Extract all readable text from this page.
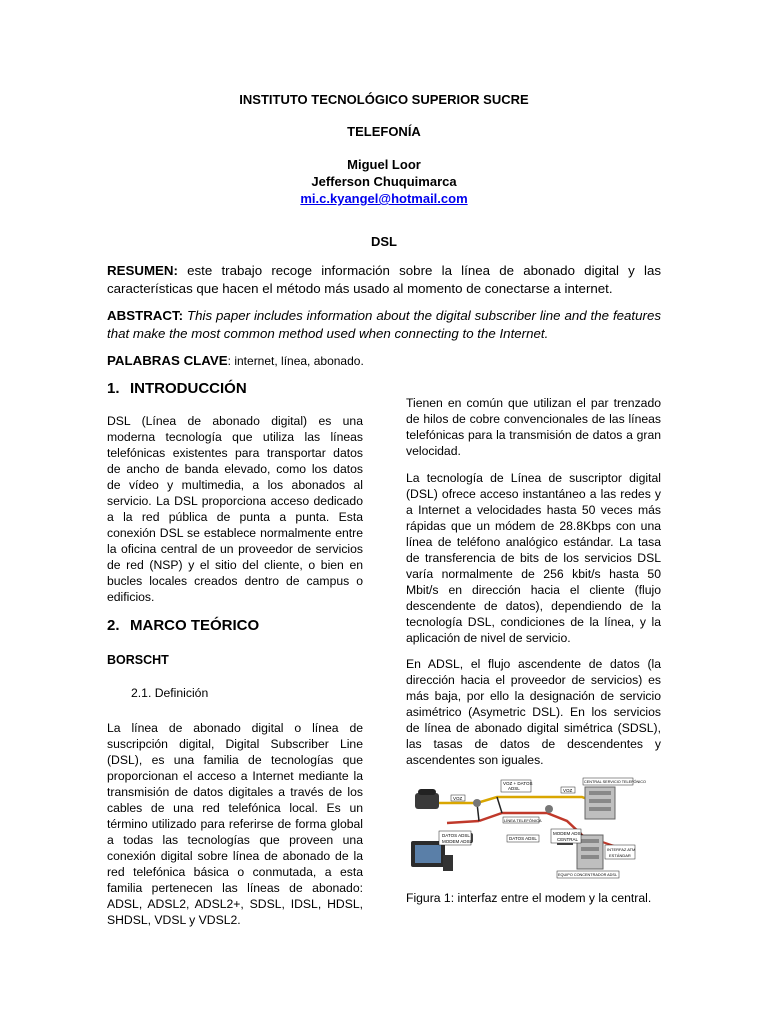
INSTITUTO TECNOLÓGICO SUPERIOR SUCRE
TELEFONÍA
Miguel Loor
Jefferson Chuquimarca
mi.c.kyangel@hotmail.com
DSL
RESUMEN: este trabajo recoge información sobre la línea de abonado digital y las características que hacen el método más usado al momento de conectarse a internet.
ABSTRACT: This paper includes information about the digital subscriber line and the features that make the most common method used when connecting to the Internet.
PALABRAS CLAVE: internet, línea, abonado.
1. INTRODUCCIÓN
DSL (Línea de abonado digital) es una moderna tecnología que utiliza las líneas telefónicas existentes para transportar datos de ancho de banda elevado, como los datos de vídeo y multimedia, a los abonados al servicio. La DSL proporciona acceso dedicado a la red pública de punta a punta. Esta conexión DSL se establece normalmente entre la oficina central de un proveedor de servicios de red (NSP) y el sitio del cliente, o bien en bucles locales creados dentro de campus o edificios.
2. MARCO TEÓRICO
BORSCHT
2.1. Definición
La línea de abonado digital o línea de suscripción digital, Digital Subscriber Line (DSL), es una familia de tecnologías que proporcionan el acceso a Internet mediante la transmisión de datos digitales a través de los cables de una red telefónica local. Es un término utilizado para referirse de forma global a todas las tecnologías que proveen una conexión digital sobre línea de abonado de la red telefónica básica o conmutada, a esta familia pertenecen las líneas de abonado: ADSL, ADSL2, ADSL2+, SDSL, IDSL, HDSL, SHDSL, VDSL y VDSL2.
Tienen en común que utilizan el par trenzado de hilos de cobre convencionales de las líneas telefónicas para la transmisión de datos a gran velocidad.
La tecnología de Línea de suscriptor digital (DSL) ofrece acceso instantáneo a las redes y a Internet a velocidades hasta 50 veces más rápidas que un módem de 28.8Kbps con una línea de teléfono analógico estándar. La tasa de transferencia de bits de los servicios DSL varía normalmente de 256 kbit/s hasta 50 Mbit/s en dirección hacia el cliente (flujo descendente de datos), dependiendo de la tecnología DSL, condiciones de la línea, y la aplicación de nivel de servicio.
En ADSL, el flujo ascendente de datos (la dirección hacia el proveedor de servicios) es más baja, por ello la designación de servicio asimétrico (Asymetric DSL). En los servicios de línea de abonado digital simétrica (SDSL), las tasas de datos de descendentes y ascendentes son iguales.
VOZ
VOZ + DATOS
ADSL	VOZ
CENTRAL SERVICIO TELEFÓNICO
LÍNEA TELEFÓNICA
DATOS ADSL
MODEM ADSL
DATOS ADSL
MODEM ADSL
CENTRAL
INTERFAZ ATM
ESTÁNDAR
EQUIPO CONCENTRADOR ADSL
Figura 1: interfaz entre el modem y la central.
